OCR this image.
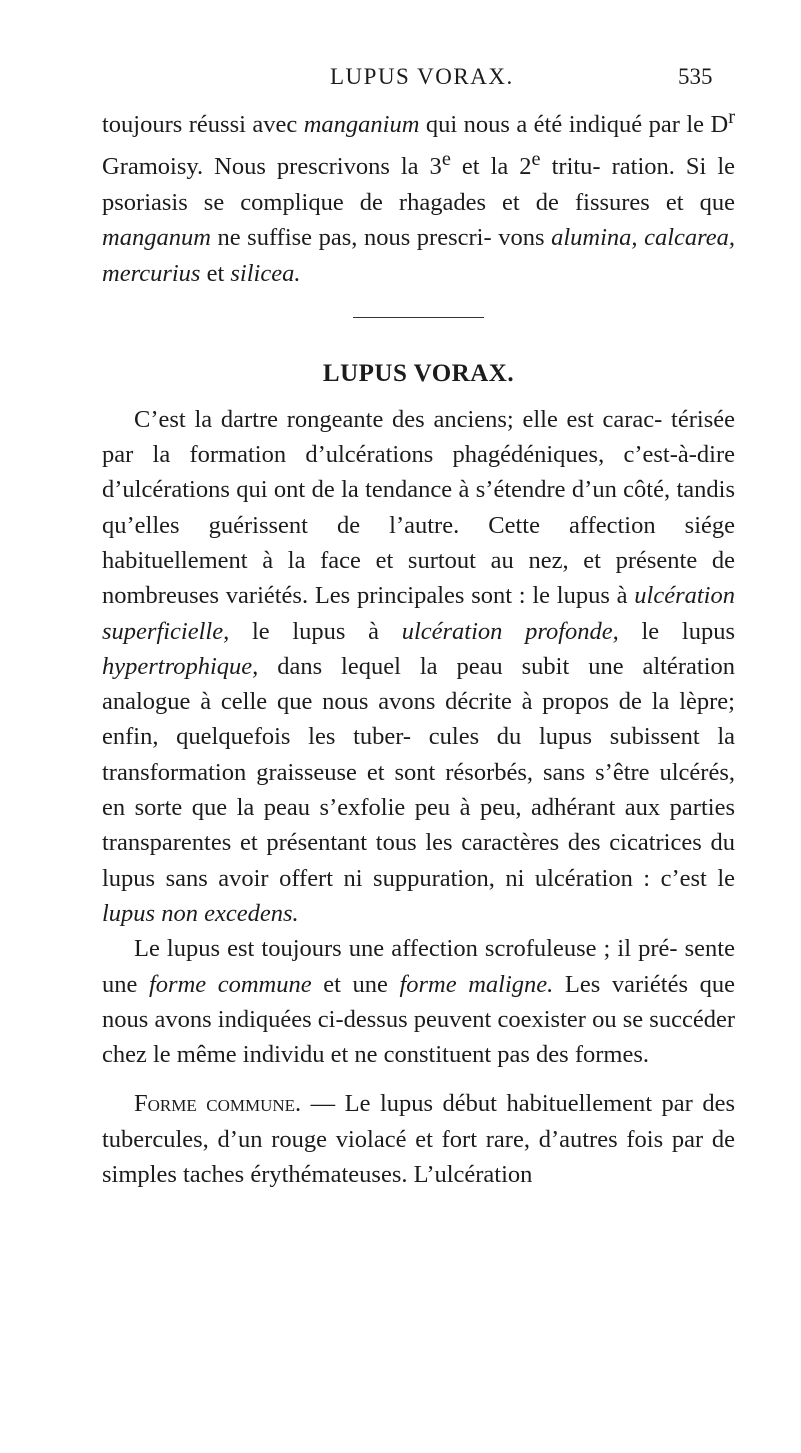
LUPUS VORAX.	535

toujours réussi avec manganium qui nous a été indiqué par le $D^r$ Gramoisy. Nous prescrivons la 3e et la 2e tritu- ration. Si le psoriasis se complique de rhagades et de fissures et que manganum ne suffise pas, nous prescri- vons alumina, calcarea, mercurius et silicea.

LUPUS VORAX.

C’est la dartre rongeante des anciens; elle est carac- térisée par la formation d’ulcérations phagédéniques, c’est-à-dire d’ulcérations qui ont de la tendance à s’étendre d’un côté, tandis qu’elles guérissent de l’autre. Cette affection siége habituellement à la face et surtout au nez, et présente de nombreuses variétés. Les principales sont : le lupus à ulcération superficielle, le lupus à ulcération profonde, le lupus hypertrophique, dans lequel la peau subit une altération analogue à celle que nous avons décrite à propos de la lèpre; enfin, quelquefois les tuber- cules du lupus subissent la transformation graisseuse et sont résorbés, sans s’être ulcérés, en sorte que la peau s’exfolie peu à peu, adhérant aux parties transparentes et présentant tous les caractères des cicatrices du lupus sans avoir offert ni suppuration, ni ulcération : c’est le lupus non excedens.

Le lupus est toujours une affection scrofuleuse ; il pré- sente une forme commune et une forme maligne. Les variétés que nous avons indiquées ci-dessus peuvent coexister ou se succéder chez le même individu et ne constituent pas des formes.

Forme commune. — Le lupus début habituellement par des tubercules, d’un rouge violacé et fort rare, d’autres fois par de simples taches érythémateuses. L’ulcération
